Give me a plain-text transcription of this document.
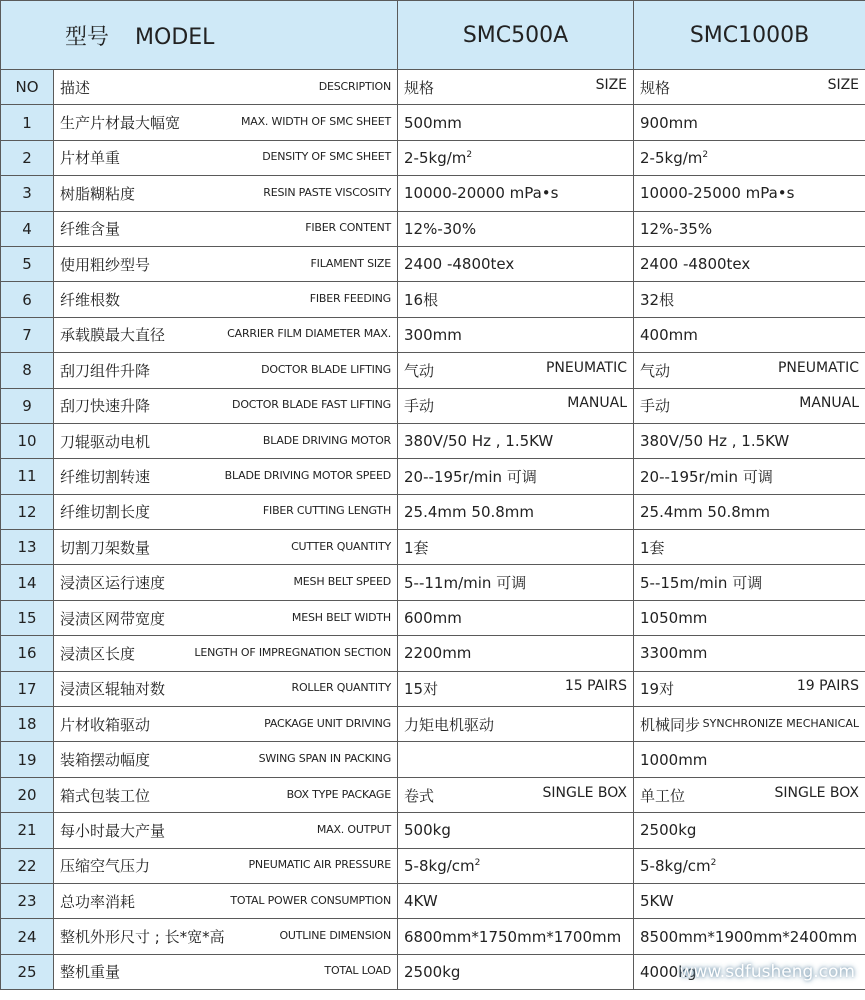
型号 MODEL		SMC500A	SMC1000B
NO	描述 DESCRIPTION	规格 SIZE	规格 SIZE

1	生产片材最大幅宽 MAX. WIDTH OF SMC SHEET	500mm	900mm

2	片材单重 DENSITY OF SMC SHEET	$2-5kg/m^2$	$2-5kg/m^2$

3	树脂糊粘度 RESIN PASTE VISCOSITY	10000-20000 mPa•s	10000-25000 mPa•s

4	纤维含量 FIBER CONTENT	12%-30%	12%-35%

5	使用粗纱型号 FILAMENT SIZE	2400 -4800tex	2400 -4800tex

6	纤维根数 FIBER FEEDING	16根	32根

7	承载膜最大直径 CARRIER FILM DIAMETER MAX.	300mm	400mm

8	刮刀组件升降 DOCTOR BLADE LIFTING	气动 PNEUMATIC	气动 PNEUMATIC

9	刮刀快速升降 DOCTOR BLADE FAST LIFTING	手动 MANUAL	手动 MANUAL

10	刀辊驱动电机 BLADE DRIVING MOTOR	380V/50 Hz , 1.5KW	380V/50 Hz , 1.5KW

11	纤维切割转速 BLADE DRIVING MOTOR SPEED	20--195r/min 可调	20--195r/min 可调

12	纤维切割长度 FIBER CUTTING LENGTH	25.4mm 50.8mm	25.4mm 50.8mm

13	切割刀架数量 CUTTER QUANTITY	1套	1套

14	浸渍区运行速度 MESH BELT SPEED	5--11m/min 可调	5--15m/min 可调

15	浸渍区网带宽度 MESH BELT WIDTH	600mm	1050mm

16	浸渍区长度 LENGTH OF IMPREGNATION SECTION	2200mm	3300mm

17	浸渍区辊轴对数 ROLLER QUANTITY	15对 15 PAIRS	19对 19 PAIRS

18	片材收箱驱动 PACKAGE UNIT DRIVING	力矩电机驱动	机械同步 SYNCHRONIZE MECHANICAL

19	装箱摆动幅度 SWING SPAN IN PACKING		1000mm

20	箱式包装工位 BOX TYPE PACKAGE	卷式 SINGLE BOX	单工位 SINGLE BOX

21	每小时最大产量 MAX. OUTPUT	500kg	2500kg

22	压缩空气压力 PNEUMATIC AIR PRESSURE	$5-8kg/cm^2$	$5-8kg/cm^2$

23	总功率消耗 TOTAL POWER CONSUMPTION	4KW	5KW

24	整机外形尺寸 ; 长*宽*高 OUTLINE DIMENSION	6800mm*1750mm*1700mm	8500mm*1900mm*2400mm

25	整机重量 TOTAL LOAD	2500kg	4000kg
www.sdfusheng.com
